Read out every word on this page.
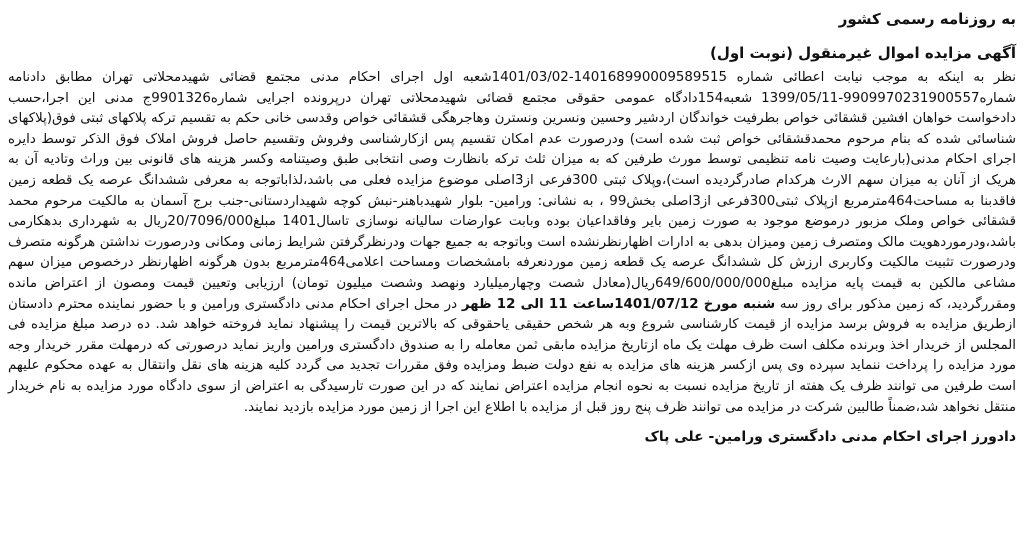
به روزنامه رسمی کشور
آگهی مزایده اموال غیرمنقول (نوبت اول)

نظر به اینکه به موجب نیابت اعطائی شماره 140168990009589515-1401/03/02شعبه اول اجرای احکام مدنی مجتمع قضائی شهیدمحلاتی تهران مطابق دادنامه شماره9909970231900557-1399/05/11 شعبه154دادگاه عمومی حقوقی مجتمع قضائی شهیدمحلاتی تهران درپرونده اجرایی شماره9901326ج مدنی این اجرا،حسب دادخواست خواهان افشین قشقائی خواص بطرفیت خواندگان اردشیر وحسین ونسرین ونسترن وهاجرهگی قشقائی خواص وقدسی خانی حکم به تقسیم ترکه پلاکهای ثبتی فوق(پلاکهای شناسائی شده که بنام مرحوم محمدقشقائی خواص ثبت شده است) ودرصورت عدم امکان تقسیم پس ازکارشناسی وفروش وتقسیم حاصل فروش املاک فوق الذکر توسط دایره اجرای احکام مدنی(بارعایت وصیت نامه تنظیمی توسط مورث طرفین که به میزان ثلث ترکه بانظارت وصی انتخابی طبق وصیتنامه وکسر هزینه های قانونی بین وراث وتادیه آن به هریک از آنان به میزان سهم الارث هرکدام صادرگردیده است)،وپلاک ثبتی 300فرعی از3اصلی موضوع مزایده فعلی می باشد،لذاباتوجه به معرفی ششدانگ عرصه یک قطعه زمین فاقدبنا به مساحت464مترمربع ازپلاک ثبتی300فرعی از3اصلی بخش99 ، به نشانی: ورامین- بلوار شهیدباهنر-نبش کوچه شهیداردستانی-جنب برج آسمان به مالکیت مرحوم محمد قشقائی خواص وملک مزبور درموضع موجود به صورت زمین بایر وفاقداعیان بوده وبابت عوارضات سالیانه نوسازی تاسال1401 مبلغ20/7096/000ریال به شهرداری بدهکارمی باشد،ودرموردهویت مالک ومتصرف زمین ومیزان بدهی به ادارات اظهارنظرنشده است وباتوجه به جمیع جهات ودرنظرگرفتن شرایط زمانی ومکانی ودرصورت نداشتن هرگونه متصرف ودرصورت تثبیت مالکیت وکاربری ارزش کل ششدانگ عرصه یک قطعه زمین موردنعرفه بامشخصات ومساحت اعلامی464مترمربع بدون هرگونه اظهارنظر درخصوص میزان سهم مشاعی مالکین به قیمت پایه مزایده مبلغ649/600/000/000ریال(معادل شصت وچهارمیلیارد ونهصد وشصت میلیون تومان) ارزیابی وتعیین قیمت ومصون از اعتراض مانده ومقررگردید، که زمین مذکور برای روز سه شنبه مورخ 1401/07/12ساعت 11 الی 12 ظهر در محل اجرای احکام مدنی دادگستری ورامین و با حضور نماینده محترم دادستان ازطریق مزایده به فروش برسد مزایده از قیمت کارشناسی شروع وبه هر شخص حقیقی یاحقوقی که بالاترین قیمت را پیشنهاد نماید فروخته خواهد شد. ده درصد مبلغ مزایده فی المجلس از خریدار اخذ وبرنده مکلف است ظرف مهلت یک ماه ازتاریخ مزایده مابقی ثمن معامله را به صندوق دادگستری ورامین واریز نماید درصورتی که درمهلت مقرر خریدار وجه مورد مزایده را پرداخت ننماید سپرده وی پس ازکسر هزینه های مزایده به نفع دولت ضبط ومزایده وفق مقررات تجدید می گردد کلیه هزینه های نقل وانتقال به عهده محکوم علیهم است طرفین می توانند ظرف یک هفته از تاریخ مزایده نسبت به نحوه انجام مزایده اعتراض نمایند که در این صورت تارسیدگی به اعتراض از سوی دادگاه مورد مزایده به نام خریدار منتقل نخواهد شد،ضمناً طالبین شرکت در مزایده می توانند ظرف پنج روز قبل از مزایده با اطلاع این اجرا از زمین مورد مزایده بازدید نمایند.

دادورز اجرای احکام مدنی دادگستری ورامین- علی پاک
